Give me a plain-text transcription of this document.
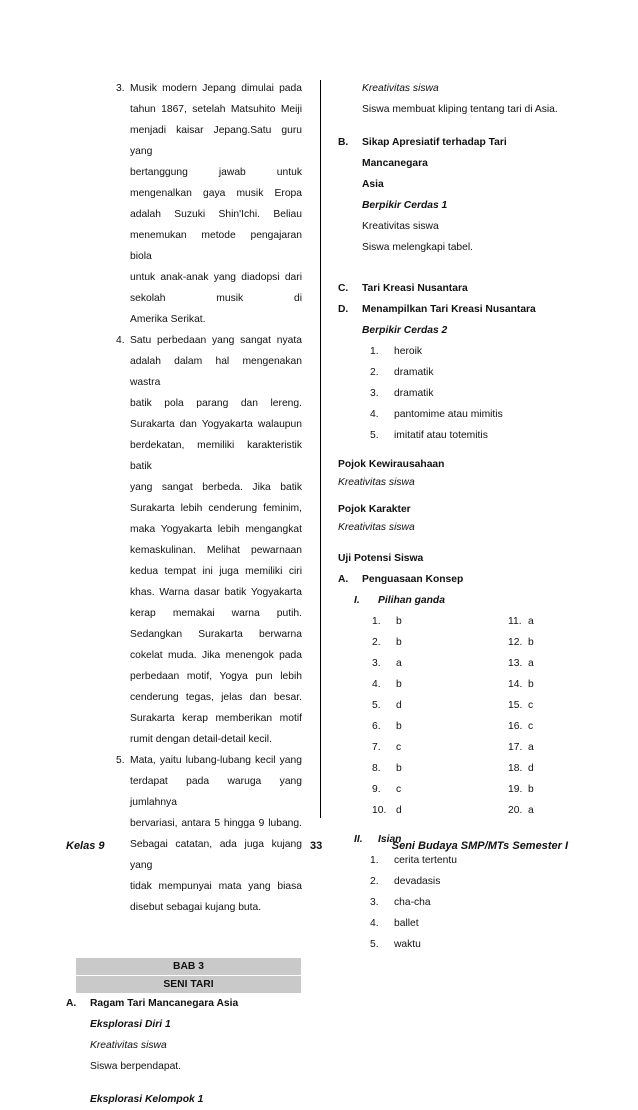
3. Musik modern Jepang dimulai pada
tahun 1867, setelah Matsuhito Meiji
menjadi kaisar Jepang.Satu guru yang
bertanggung jawab untuk
mengenalkan gaya musik Eropa
adalah Suzuki Shin'Ichi. Beliau
menemukan metode pengajaran biola
untuk anak-anak yang diadopsi dari
sekolah musik di
Amerika Serikat.
4. Satu perbedaan yang sangat nyata
adalah dalam hal mengenakan wastra
batik pola parang dan lereng.
Surakarta dan Yogyakarta walaupun
berdekatan, memiliki karakteristik batik
yang sangat berbeda. Jika batik
Surakarta lebih cenderung feminim,
maka Yogyakarta lebih mengangkat
kemaskulinan. Melihat pewarnaan
kedua tempat ini juga memiliki ciri
khas. Warna dasar batik Yogyakarta
kerap memakai warna putih.
Sedangkan Surakarta berwarna
cokelat muda. Jika menengok pada
perbedaan motif, Yogya pun lebih
cenderung tegas, jelas dan besar.
Surakarta kerap memberikan motif
rumit dengan detail-detail kecil.
5. Mata, yaitu lubang-lubang kecil yang
terdapat pada waruga yang jumlahnya
bervariasi, antara 5 hingga 9 lubang.
Sebagai catatan, ada juga kujang yang
tidak mempunyai mata yang biasa
disebut sebagai kujang buta.
BAB 3
SENI TARI
A. Ragam Tari Mancanegara Asia
Eksplorasi Diri 1
Kreativitas siswa
Siswa berpendapat.
Eksplorasi Kelompok 1
Kreativitas siswa
Siswa membuat kliping tentang tari di Asia.
B. Sikap Apresiatif terhadap Tari Mancanegara
Asia
Berpikir Cerdas 1
Kreativitas siswa
Siswa melengkapi tabel.
C. Tari Kreasi Nusantara
D. Menampilkan Tari Kreasi Nusantara
Berpikir Cerdas 2
1. heroik
2. dramatik
3. dramatik
4. pantomime atau mimitis
5. imitatif atau totemitis
Pojok Kewirausahaan
Kreativitas siswa
Pojok Karakter
Kreativitas siswa
Uji Potensi Siswa
A. Penguasaan Konsep
I. Pilihan ganda
1. b	11. a
2. b	12. b
3. a	13. a
4. b	14. b
5. d	15. c
6. b	16. c
7. c	17. a
8. b	18. d
9. c	19. b
10. d	20. a
II. Isian
1. cerita tertentu
2. devadasis
3. cha-cha
4. ballet
5. waktu
Kelas 9	33	Seni Budaya SMP/MTs Semester I
